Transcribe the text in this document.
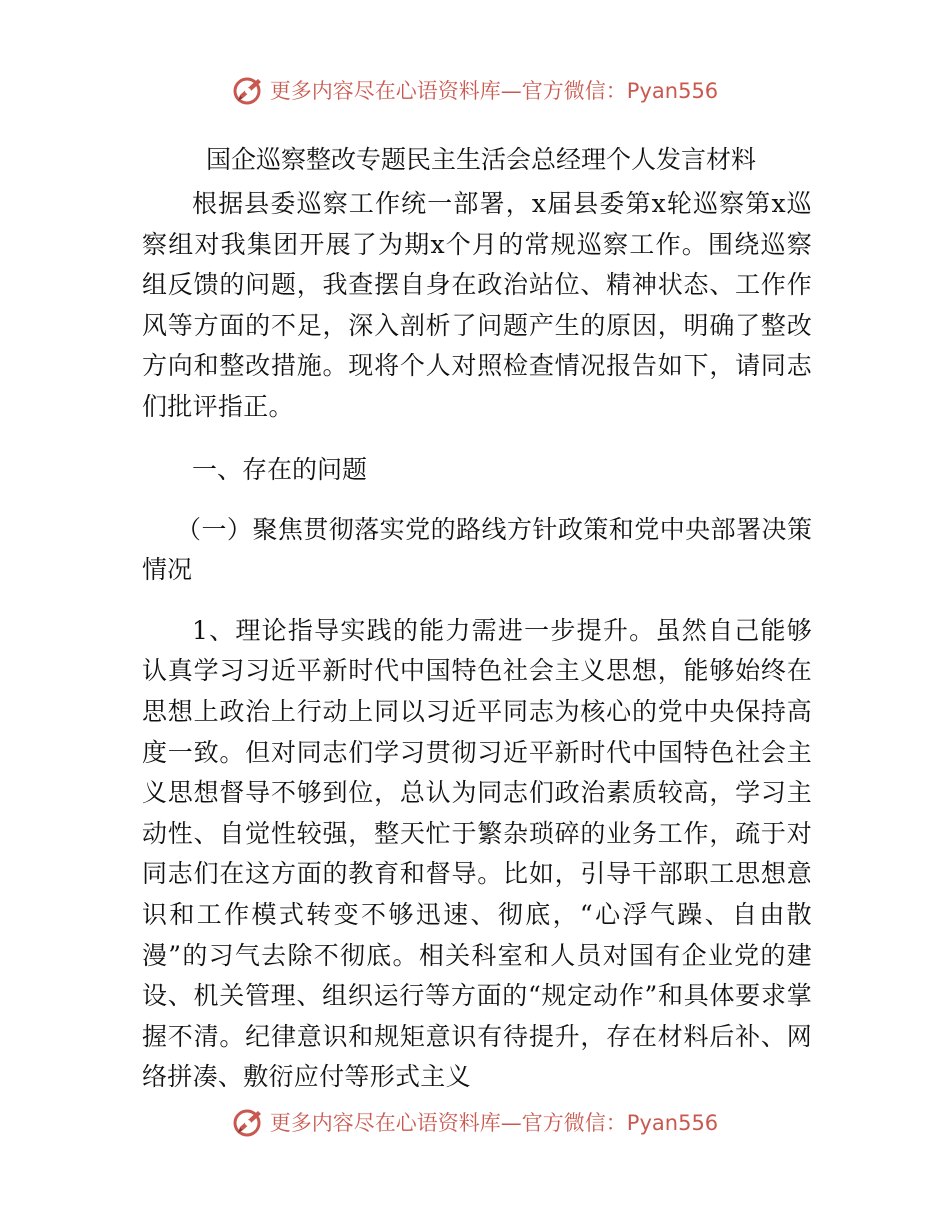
更多内容尽在心语资料库—官方微信：Pyan556
国企巡察整改专题民主生活会总经理个人发言材料

根据县委巡察工作统一部署，x届县委第x轮巡察第x巡察组对我集团开展了为期x个月的常规巡察工作。围绕巡察组反馈的问题，我查摆自身在政治站位、精神状态、工作作风等方面的不足，深入剖析了问题产生的原因，明确了整改方向和整改措施。现将个人对照检查情况报告如下，请同志们批评指正。

一、存在的问题

（一）聚焦贯彻落实党的路线方针政策和党中央部署决策情况

1、理论指导实践的能力需进一步提升。虽然自己能够认真学习习近平新时代中国特色社会主义思想，能够始终在思想上政治上行动上同以习近平同志为核心的党中央保持高度一致。但对同志们学习贯彻习近平新时代中国特色社会主义思想督导不够到位，总认为同志们政治素质较高，学习主动性、自觉性较强，整天忙于繁杂琐碎的业务工作，疏于对同志们在这方面的教育和督导。比如，引导干部职工思想意识和工作模式转变不够迅速、彻底，“心浮气躁、自由散漫”的习气去除不彻底。相关科室和人员对国有企业党的建设、机关管理、组织运行等方面的“规定动作”和具体要求掌握不清。纪律意识和规矩意识有待提升，存在材料后补、网络拼凑、敷衍应付等形式主义

更多内容尽在心语资料库—官方微信：Pyan556
